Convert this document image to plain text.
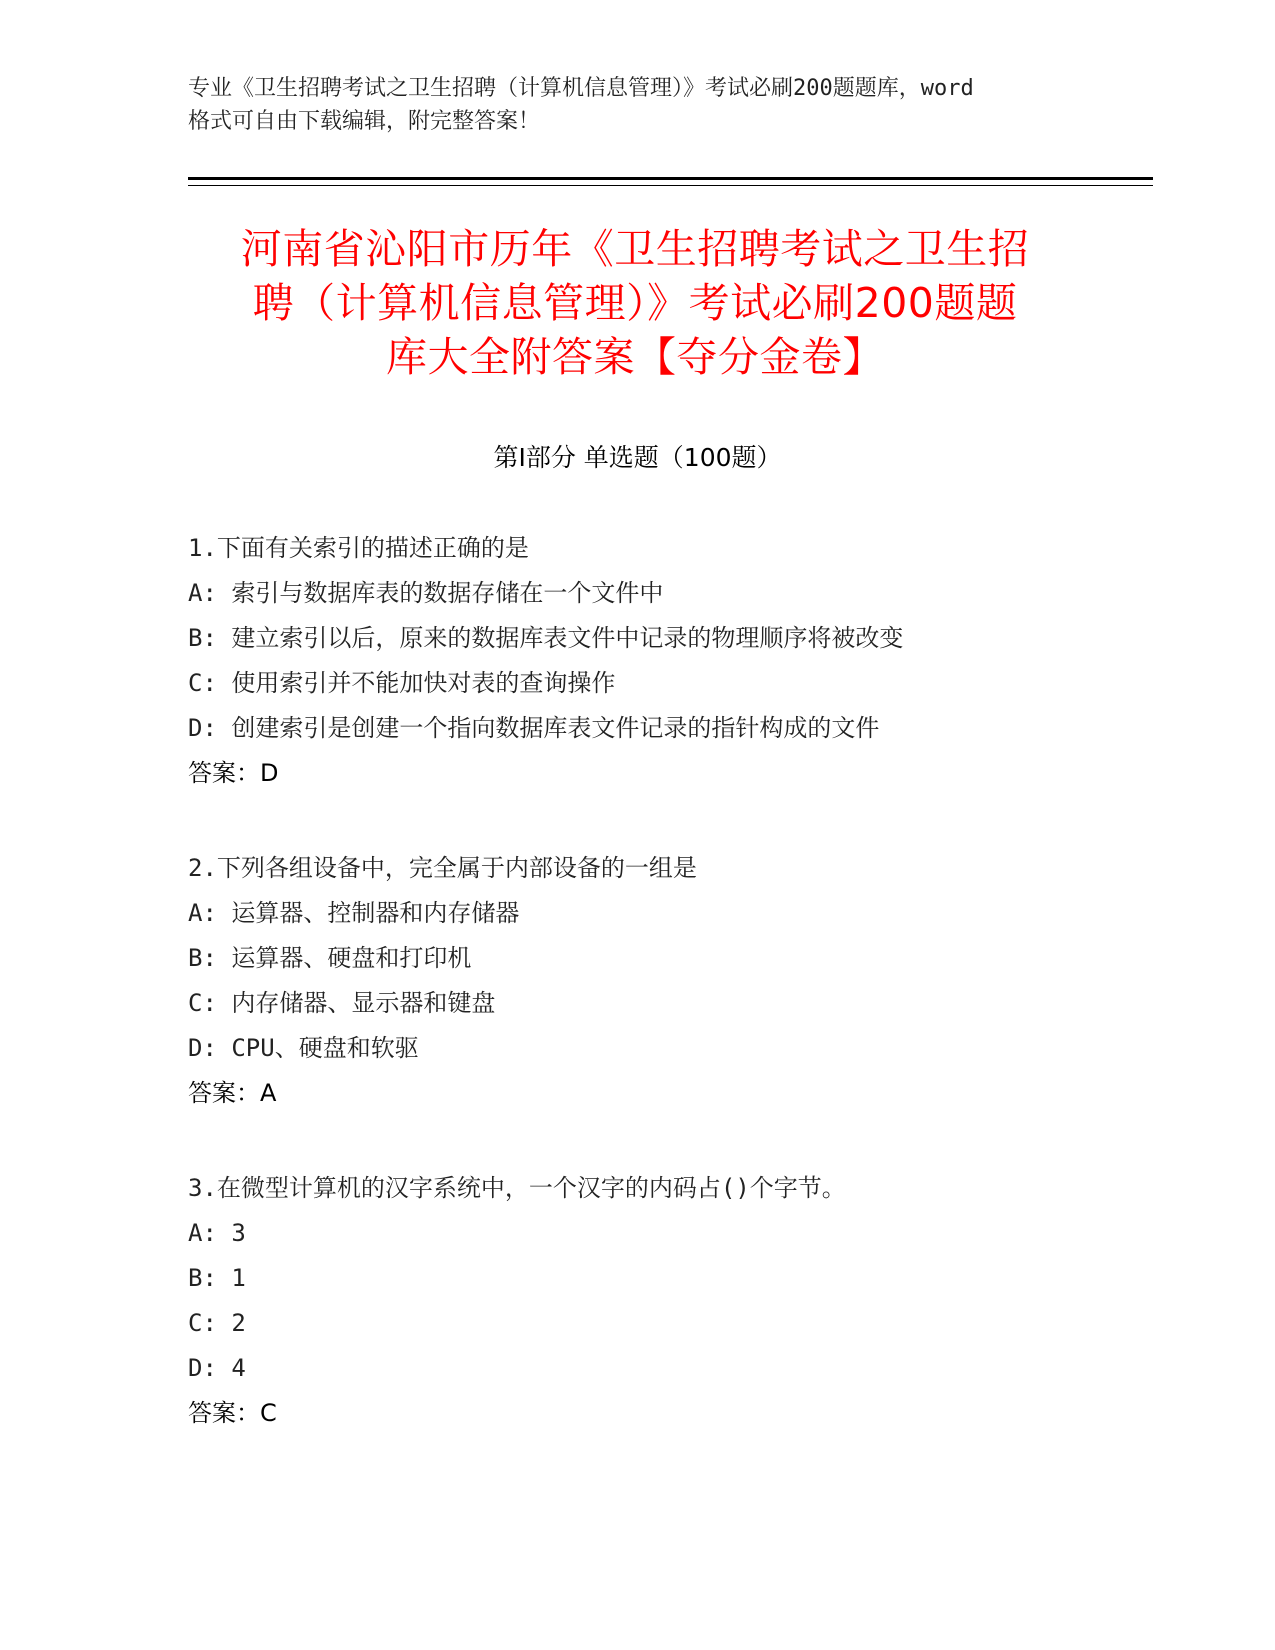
专业《卫生招聘考试之卫生招聘（计算机信息管理）》考试必刷200题题库，word
格式可自由下载编辑，附完整答案！
河南省沁阳市历年《卫生招聘考试之卫生招
聘（计算机信息管理）》考试必刷200题题
库大全附答案【夺分金卷】
第Ⅰ部分 单选题（100题）
1.下面有关索引的描述正确的是
A: 索引与数据库表的数据存储在一个文件中
B: 建立索引以后，原来的数据库表文件中记录的物理顺序将被改变
C: 使用索引并不能加快对表的查询操作
D: 创建索引是创建一个指向数据库表文件记录的指针构成的文件
答案：D
2.下列各组设备中，完全属于内部设备的一组是
A: 运算器、控制器和内存储器
B: 运算器、硬盘和打印机
C: 内存储器、显示器和键盘
D: CPU、硬盘和软驱
答案：A
3.在微型计算机的汉字系统中，一个汉字的内码占()个字节。
A: 3
B: 1
C: 2
D: 4
答案：C
